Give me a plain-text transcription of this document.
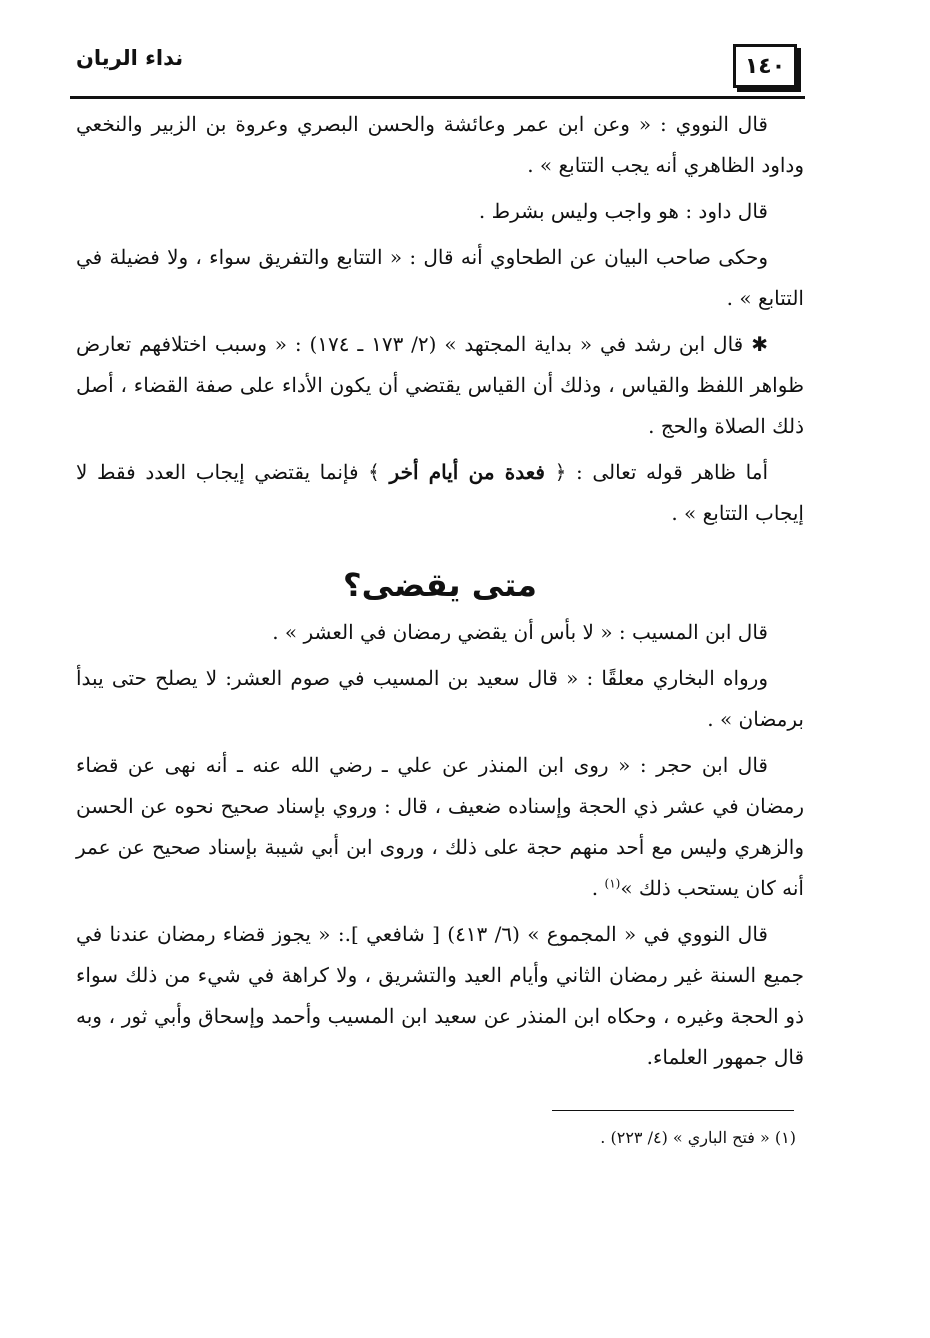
١٤٠
نداء الريان

قال النووي : « وعن ابن عمر وعائشة والحسن البصري وعروة بن الزبير والنخعي وداود الظاهري أنه يجب التتابع » .

قال داود : هو واجب وليس بشرط .

وحكى صاحب البيان عن الطحاوي أنه قال : « التتابع والتفريق سواء ، ولا فضيلة في التتابع » .

✱قال ابن رشد في « بداية المجتهد » (٢/ ١٧٣ ـ ١٧٤) : « وسبب اختلافهم تعارض ظواهر اللفظ والقياس ، وذلك أن القياس يقتضي أن يكون الأداء على صفة القضاء ، أصل ذلك الصلاة والحج .

أما ظاهر قوله تعالى : ﴿ فعدة من أيام أخر ﴾ فإنما يقتضي إيجاب العدد فقط لا إيجاب التتابع » .

متى يقضى؟

قال ابن المسيب : « لا بأس أن يقضي رمضان في العشر » .

ورواه البخاري معلقًا : « قال سعيد بن المسيب في صوم العشر: لا يصلح حتى يبدأ برمضان » .

قال ابن حجر : « روى ابن المنذر عن علي ـ رضي الله عنه ـ أنه نهى عن قضاء رمضان في عشر ذي الحجة وإسناده ضعيف ، قال : وروي بإسناد صحيح نحوه عن الحسن والزهري وليس مع أحد منهم حجة على ذلك ، وروى ابن أبي شيبة بإسناد صحيح عن عمر أنه كان يستحب ذلك »$^{(١)}$ .

قال النووي في « المجموع » (٦/ ٤١٣) [ شافعي ].: « يجوز قضاء رمضان عندنا في جميع السنة غير رمضان الثاني وأيام العيد والتشريق ، ولا كراهة في شيء من ذلك سواء ذو الحجة وغيره ، وحكاه ابن المنذر عن سعيد ابن المسيب وأحمد وإسحاق وأبي ثور ، وبه قال جمهور العلماء.

(١) « فتح الباري » (٤/ ٢٢٣) .
